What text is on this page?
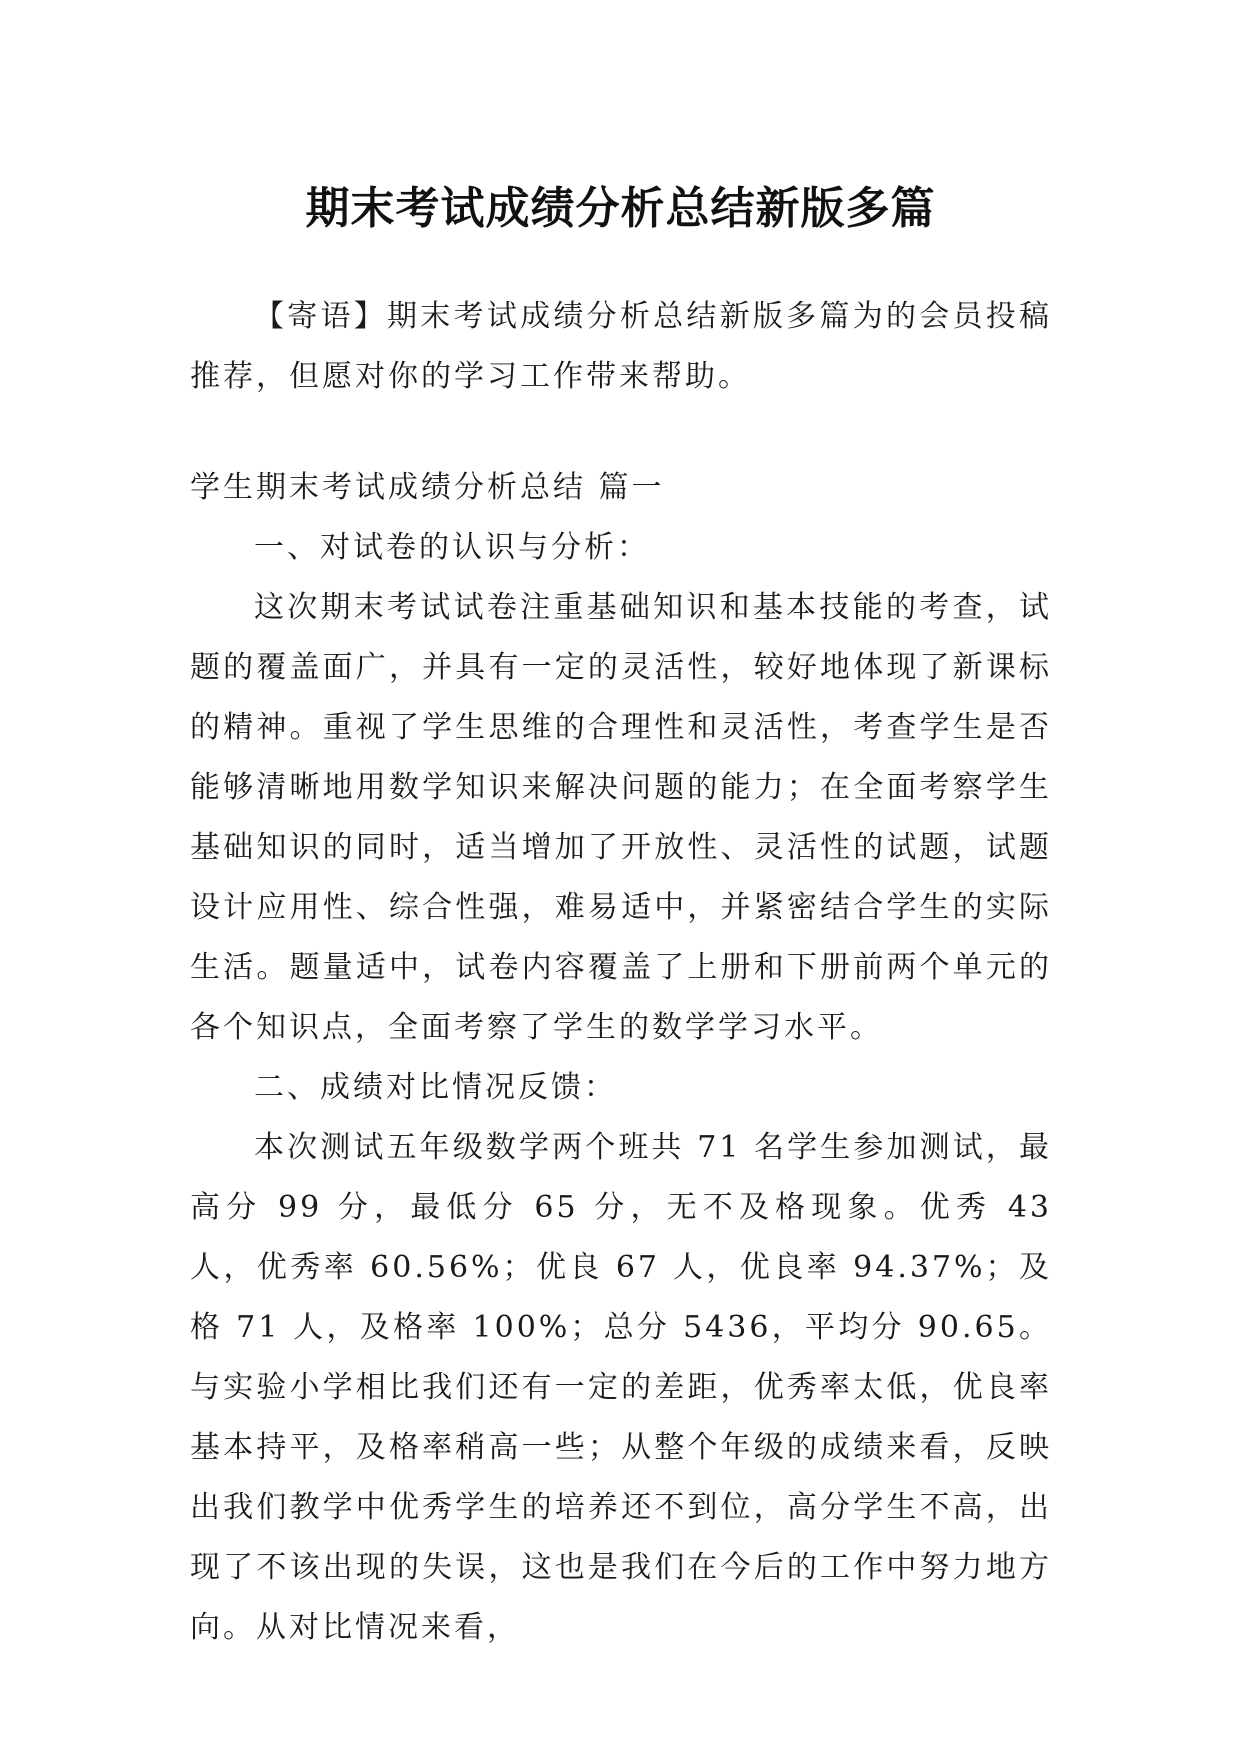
期末考试成绩分析总结新版多篇

【寄语】期末考试成绩分析总结新版多篇为的会员投稿推荐，但愿对你的学习工作带来帮助。

学生期末考试成绩分析总结 篇一

一、对试卷的认识与分析：

这次期末考试试卷注重基础知识和基本技能的考查，试题的覆盖面广，并具有一定的灵活性，较好地体现了新课标的精神。重视了学生思维的合理性和灵活性，考查学生是否能够清晰地用数学知识来解决问题的能力；在全面考察学生基础知识的同时，适当增加了开放性、灵活性的试题，试题设计应用性、综合性强，难易适中，并紧密结合学生的实际生活。题量适中，试卷内容覆盖了上册和下册前两个单元的各个知识点，全面考察了学生的数学学习水平。

二、成绩对比情况反馈：

本次测试五年级数学两个班共 71 名学生参加测试，最高分 99 分，最低分 65 分，无不及格现象。优秀 43 人，优秀率 60.56%；优良 67 人，优良率 94.37%；及格 71 人，及格率 100%；总分 5436，平均分 90.65。与实验小学相比我们还有一定的差距，优秀率太低，优良率基本持平，及格率稍高一些；从整个年级的成绩来看，反映出我们教学中优秀学生的培养还不到位，高分学生不高，出现了不该出现的失误，这也是我们在今后的工作中努力地方向。从对比情况来看，
